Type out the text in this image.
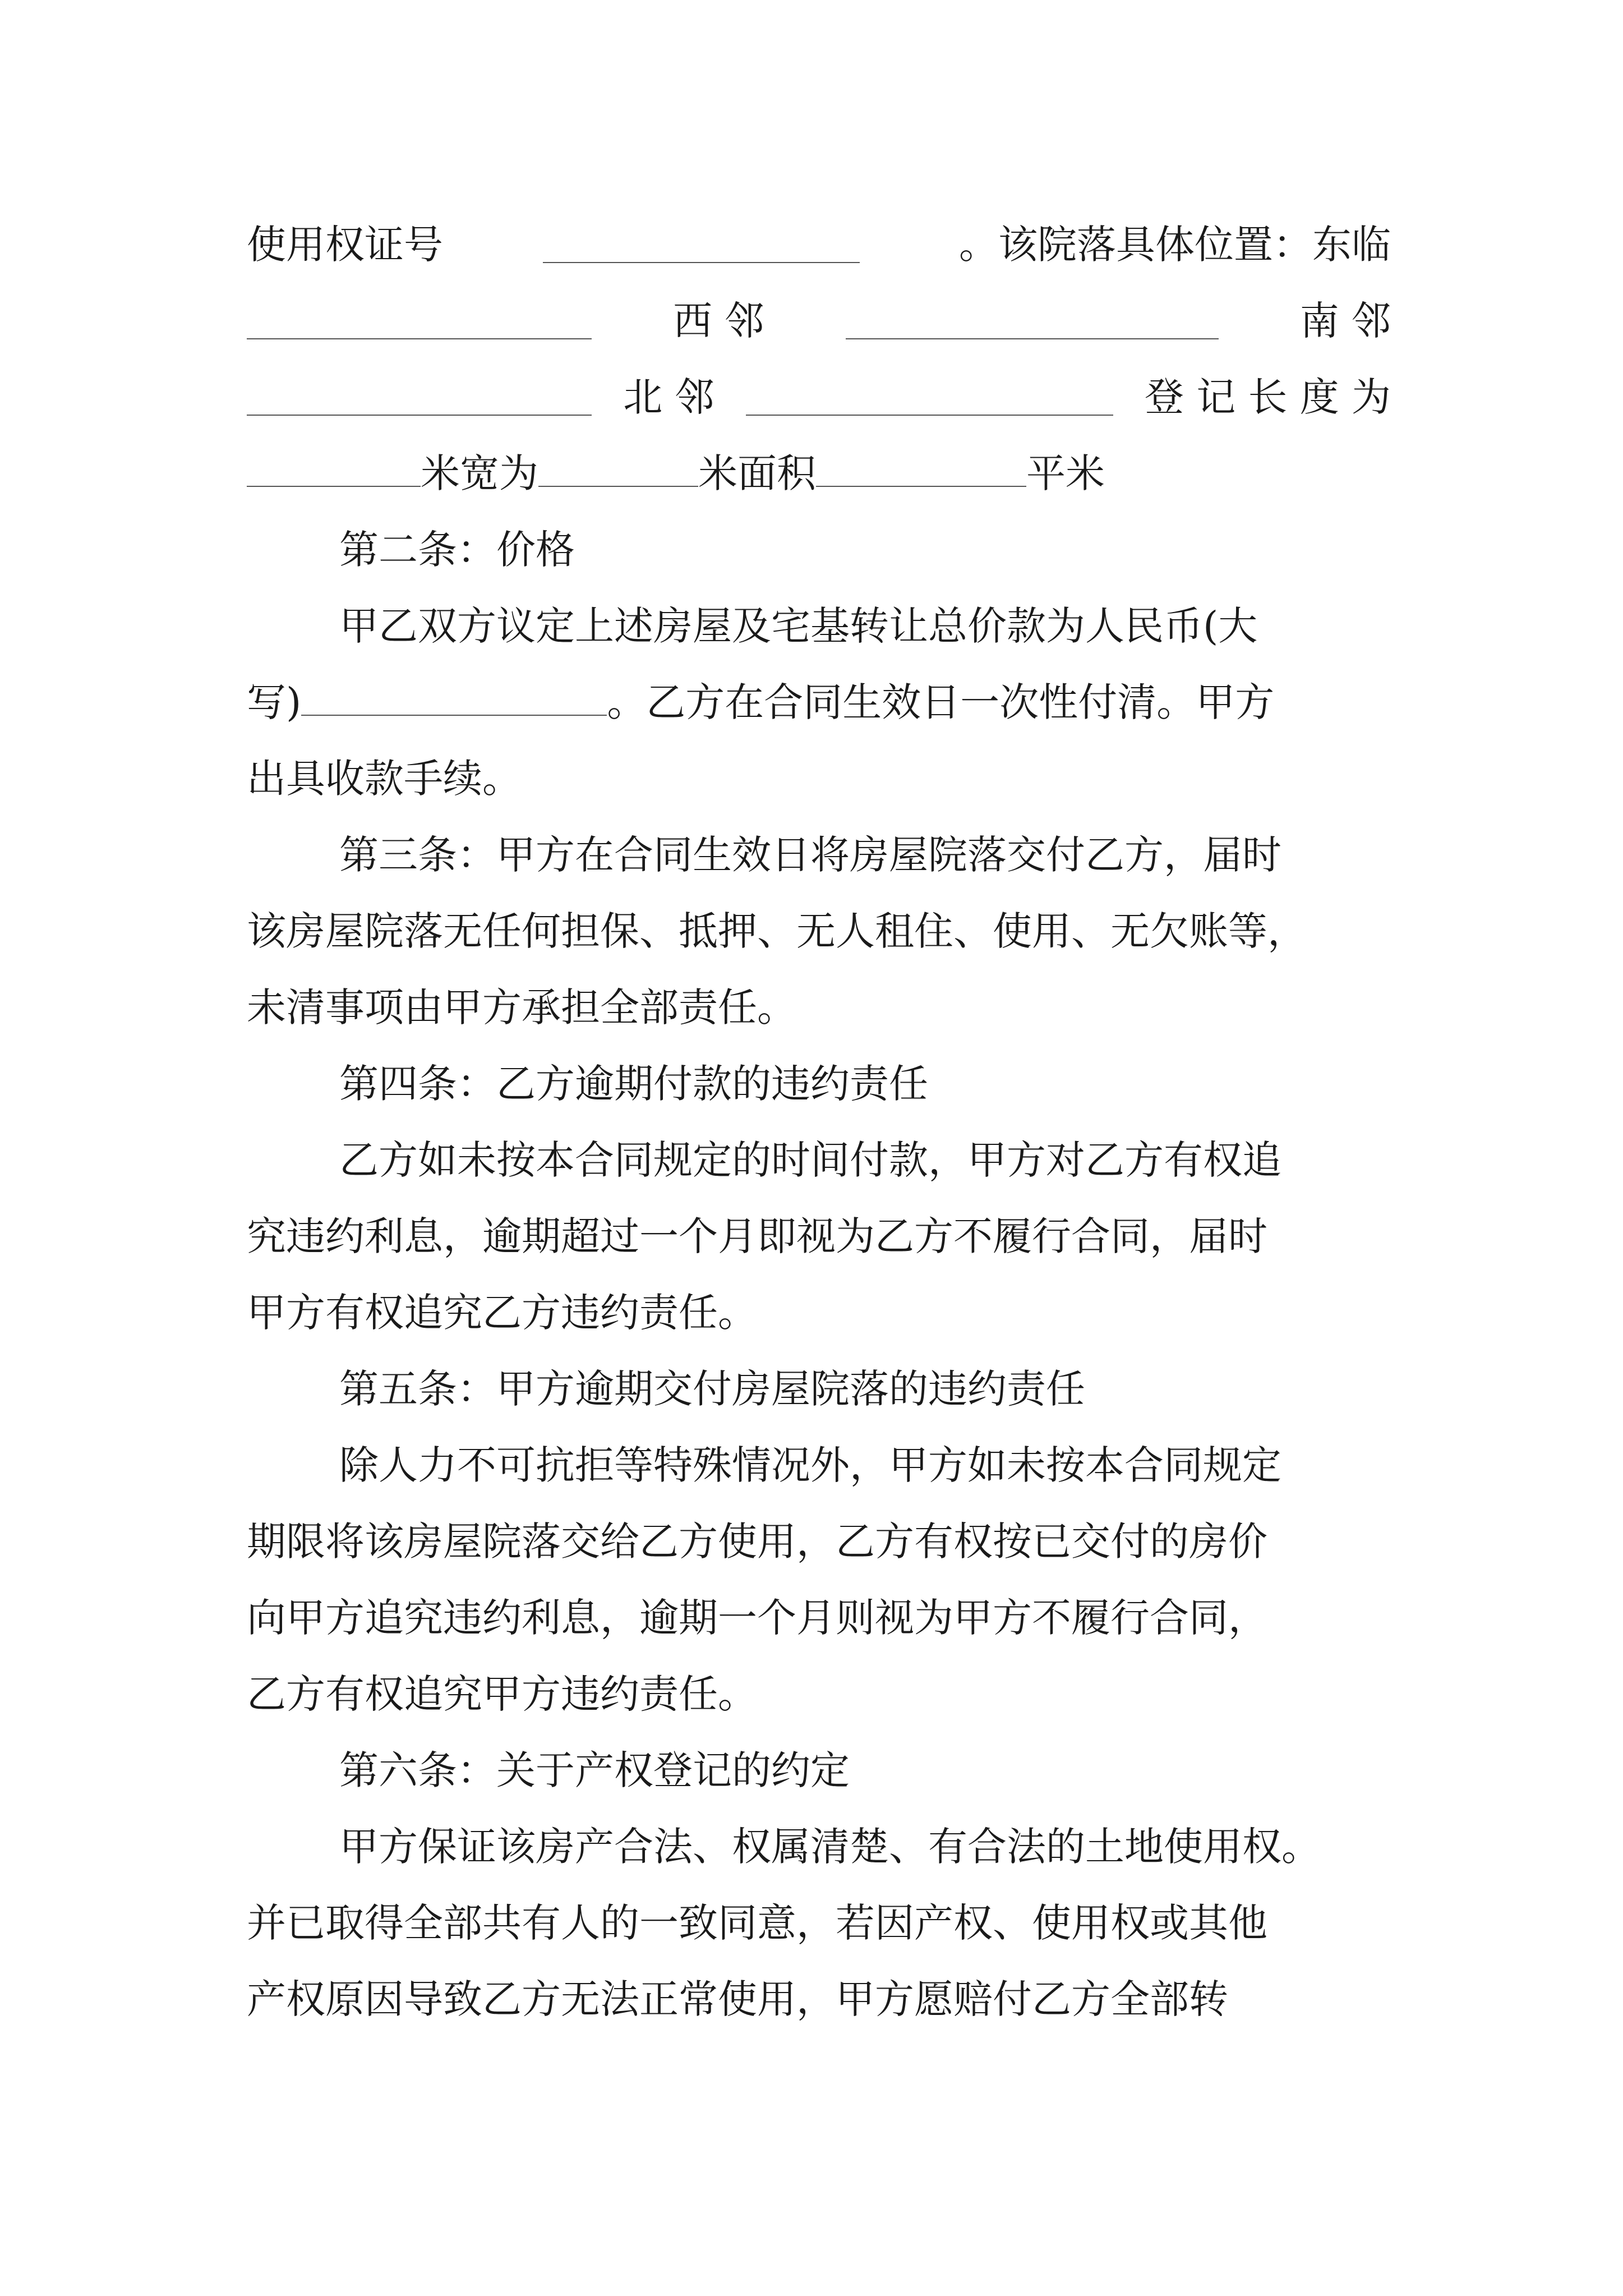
使用权证号	。该院落具体位置：东临
西 邻	南 邻
北 邻	登 记 长 度 为
米宽为	米面积	平米
第二条：价格
甲乙双方议定上述房屋及宅基转让总价款为人民币(大
写)	。乙方在合同生效日一次性付清。甲方
出具收款手续。
第三条：甲方在合同生效日将房屋院落交付乙方，届时
该房屋院落无任何担保、抵押、无人租住、使用、无欠账等，
未清事项由甲方承担全部责任。
第四条：乙方逾期付款的违约责任
乙方如未按本合同规定的时间付款，甲方对乙方有权追
究违约利息，逾期超过一个月即视为乙方不履行合同，届时
甲方有权追究乙方违约责任。
第五条：甲方逾期交付房屋院落的违约责任
除人力不可抗拒等特殊情况外，甲方如未按本合同规定
期限将该房屋院落交给乙方使用，乙方有权按已交付的房价
向甲方追究违约利息，逾期一个月则视为甲方不履行合同，
乙方有权追究甲方违约责任。
第六条：关于产权登记的约定
甲方保证该房产合法、权属清楚、有合法的土地使用权。
并已取得全部共有人的一致同意，若因产权、使用权或其他
产权原因导致乙方无法正常使用，甲方愿赔付乙方全部转
